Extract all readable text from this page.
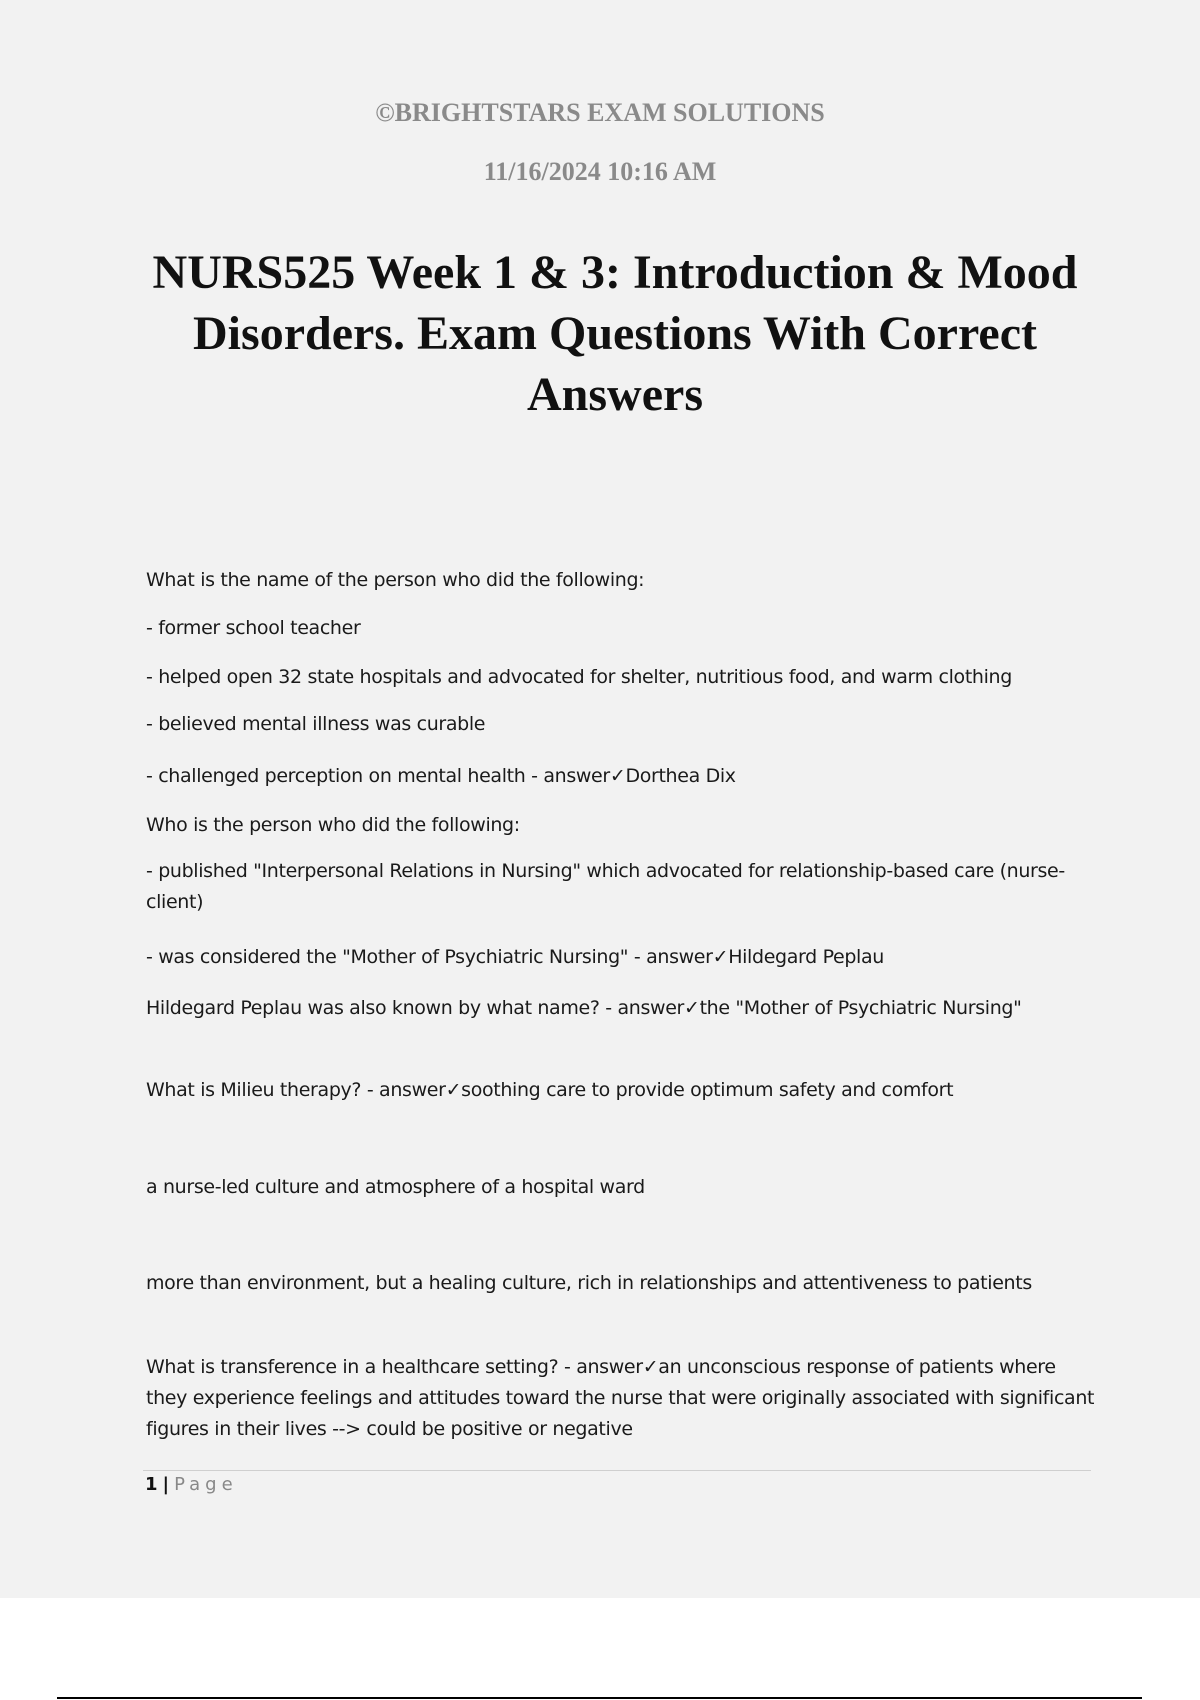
©BRIGHTSTARS EXAM SOLUTIONS
11/16/2024 10:16 AM
NURS525 Week 1 & 3: Introduction & Mood Disorders. Exam Questions With Correct Answers
What is the name of the person who did the following:
- former school teacher
- helped open 32 state hospitals and advocated for shelter, nutritious food, and warm clothing
- believed mental illness was curable
- challenged perception on mental health - answer✓Dorthea Dix
Who is the person who did the following:
- published "Interpersonal Relations in Nursing" which advocated for relationship-based care (nurse-client)
- was considered the "Mother of Psychiatric Nursing" - answer✓Hildegard Peplau
Hildegard Peplau was also known by what name? - answer✓the "Mother of Psychiatric Nursing"
What is Milieu therapy? - answer✓soothing care to provide optimum safety and comfort
a nurse-led culture and atmosphere of a hospital ward
more than environment, but a healing culture, rich in relationships and attentiveness to patients
What is transference in a healthcare setting? - answer✓an unconscious response of patients where they experience feelings and attitudes toward the nurse that were originally associated with significant figures in their lives --> could be positive or negative
1 | Page
